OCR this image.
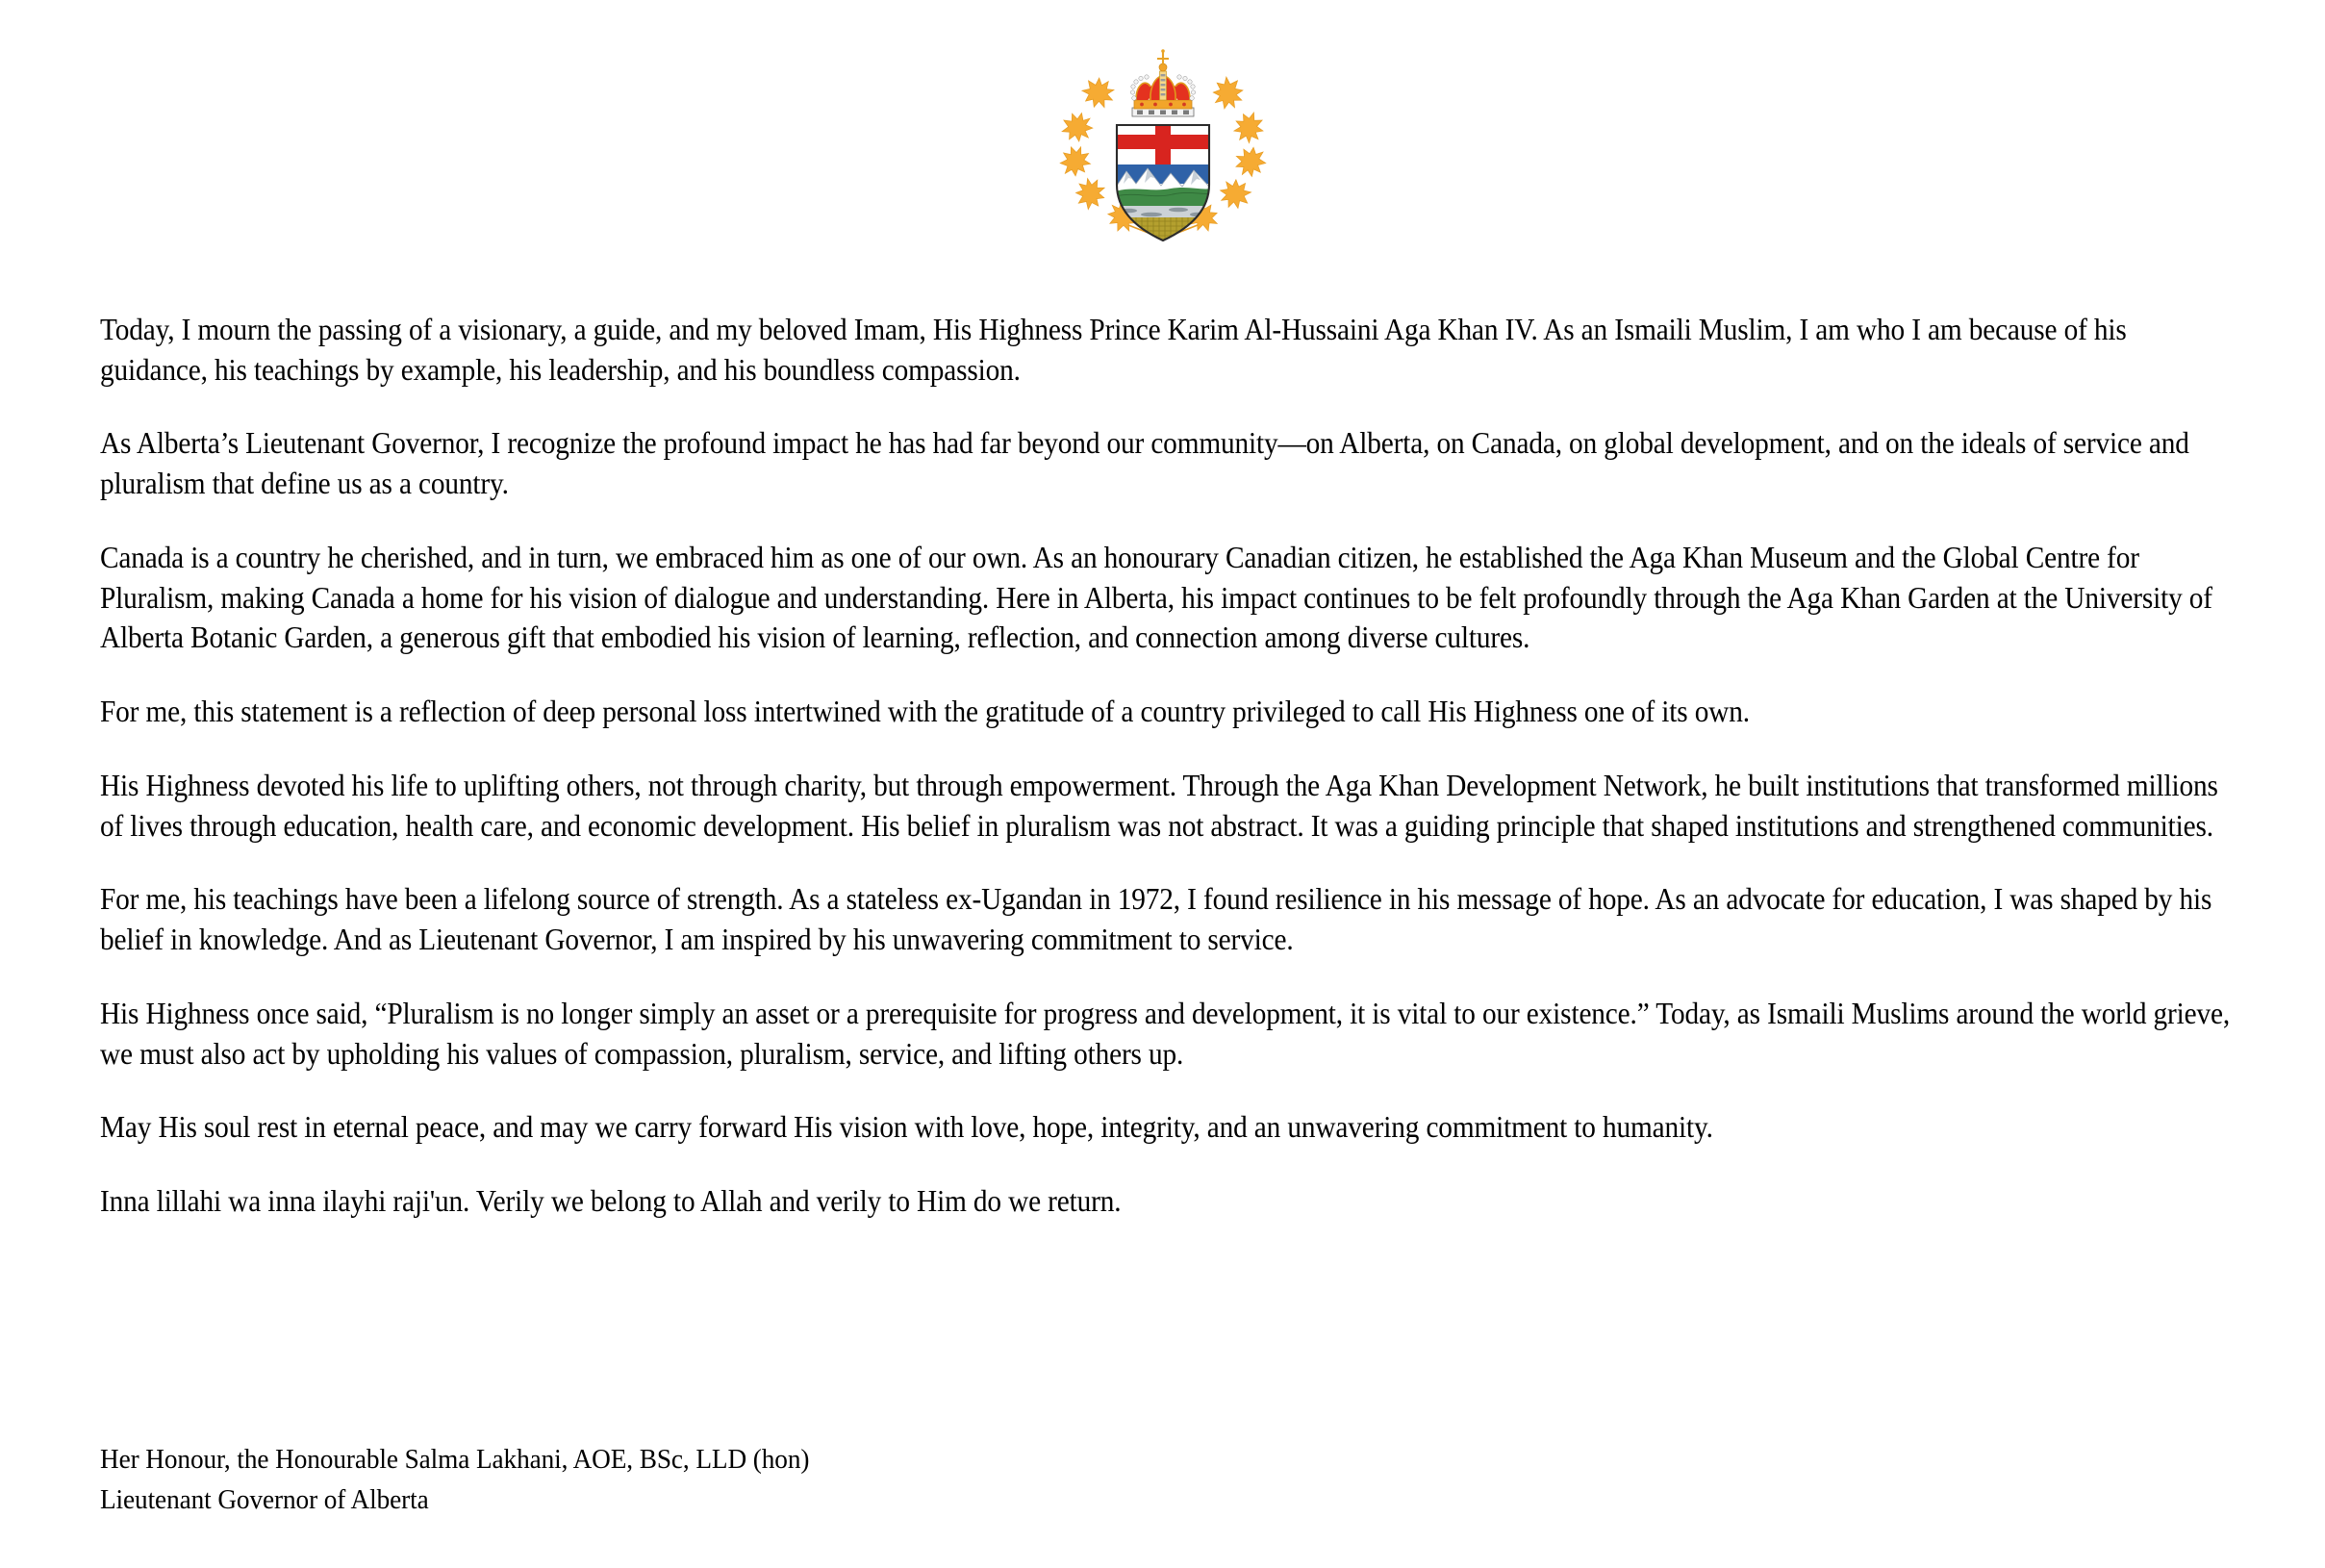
Today, I mourn the passing of a visionary, a guide, and my beloved Imam, His Highness Prince Karim Al-Hussaini Aga Khan IV. As an Ismaili Muslim, I am who I am because of his guidance, his teachings by example, his leadership, and his boundless compassion.

As Alberta’s Lieutenant Governor, I recognize the profound impact he has had far beyond our community—on Alberta, on Canada, on global development, and on the ideals of service and pluralism that define us as a country.

Canada is a country he cherished, and in turn, we embraced him as one of our own. As an honourary Canadian citizen, he established the Aga Khan Museum and the Global Centre for Pluralism, making Canada a home for his vision of dialogue and understanding. Here in Alberta, his impact continues to be felt profoundly through the Aga Khan Garden at the University of Alberta Botanic Garden, a generous gift that embodied his vision of learning, reflection, and connection among diverse cultures.

For me, this statement is a reflection of deep personal loss intertwined with the gratitude of a country privileged to call His Highness one of its own.

His Highness devoted his life to uplifting others, not through charity, but through empowerment. Through the Aga Khan Development Network, he built institutions that transformed millions of lives through education, health care, and economic development. His belief in pluralism was not abstract. It was a guiding principle that shaped institutions and strengthened communities.

For me, his teachings have been a lifelong source of strength. As a stateless ex-Ugandan in 1972, I found resilience in his message of hope. As an advocate for education, I was shaped by his belief in knowledge. And as Lieutenant Governor, I am inspired by his unwavering commitment to service.

His Highness once said, “Pluralism is no longer simply an asset or a prerequisite for progress and development, it is vital to our existence.” Today, as Ismaili Muslims around the world grieve, we must also act by upholding his values of compassion, pluralism, service, and lifting others up.

May His soul rest in eternal peace, and may we carry forward His vision with love, hope, integrity, and an unwavering commitment to humanity.

Inna lillahi wa inna ilayhi raji'un. Verily we belong to Allah and verily to Him do we return.

Her Honour, the Honourable Salma Lakhani, AOE, BSc, LLD (hon)
Lieutenant Governor of Alberta
